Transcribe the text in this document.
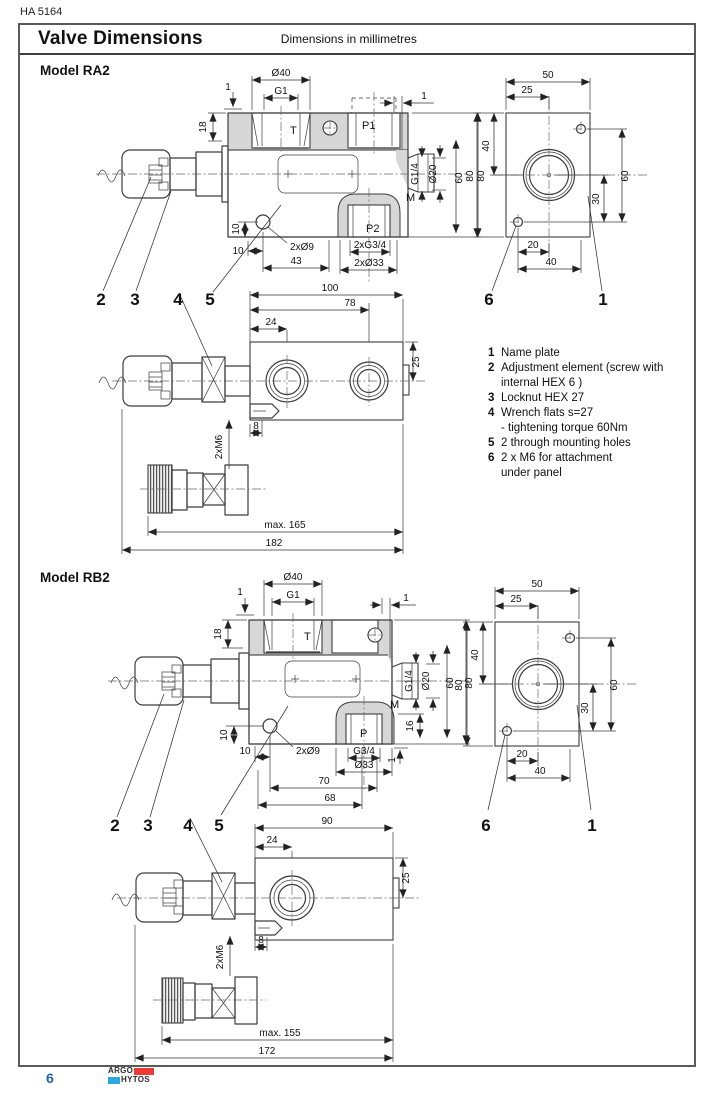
HA 5164
Valve Dimensions	Dimensions in millimetres
Model RA2
Model RB2
T	P1
P2
M
Ø40
G1
1
1
18
10
2xØ9
10
43
G1/4 Ø20 60 80
2xG3/4
2xØ33
50
25
40
80	60
30
20
40
100
78
24
25
8
2xM6
max. 165
182
2 3 4 5	6	1
T
P
M
Ø40
G1
1
1
18
10
2xØ9
10
70
68
G1/4 Ø20 60 80
16
1
G3/4
Ø33
50
25
40
80	60
30
20
40
90
24
25
8
2xM6
max. 155
172
2 3 4 5	6	1
1 Name plate
2 Adjustment element (screw with
internal HEX 6 )
3 Locknut HEX 27
4 Wrench flats s=27
- tightening torque 60Nm
5 2 through mounting holes
6 2 x M6 for attachment
under panel
6	ARGO
HYTOS
